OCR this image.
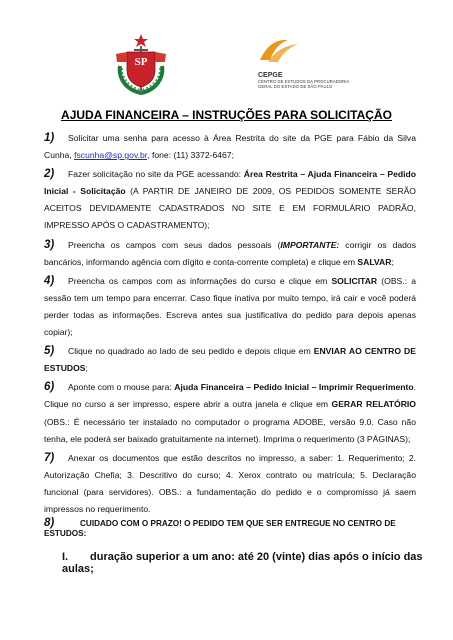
SP
CEPGE
CENTRO DE ESTUDOS DA PROCURADORIA
GERAL DO ESTADO DE SÃO PAULO
AJUDA FINANCEIRA – INSTRUÇÕES PARA SOLICITAÇÃO

1) Solicitar uma senha para acesso à Área Restrita do site da PGE para Fábio da Silva Cunha, fscunha@sp.gov.br, fone: (11) 3372-6467;

2) Fazer solicitação no site da PGE acessando: Área Restrita – Ajuda Financeira – Pedido Inicial - Solicitação (A PARTIR DE JANEIRO DE 2009, OS PEDIDOS SOMENTE SERÃO ACEITOS DEVIDAMENTE CADASTRADOS NO SITE E EM FORMULÁRIO PADRÃO, IMPRESSO APÓS O CADASTRAMENTO);

3) Preencha os campos com seus dados pessoais (IMPORTANTE: corrigir os dados bancários, informando agência com dígito e conta-corrente completa) e clique em SALVAR;

4) Preencha os campos com as informações do curso e clique em SOLICITAR (OBS.: a sessão tem um tempo para encerrar. Caso fique inativa por muito tempo, irá cair e você poderá perder todas as informações. Escreva antes sua justificativa do pedido para depois apenas copiar);

5) Clique no quadrado ao lado de seu pedido e depois clique em ENVIAR AO CENTRO DE ESTUDOS;

6) Aponte com o mouse para: Ajuda Financeira – Pedido Inicial – Imprimir Requerimento. Clique no curso a ser impresso, espere abrir a outra janela e clique em GERAR RELATÓRIO (OBS.: É necessário ter instalado no computador o programa ADOBE, versão 9.0. Caso não tenha, ele poderá ser baixado gratuitamente na internet). Imprima o requerimento (3 PÁGINAS);

7) Anexar os documentos que estão descritos no impresso, a saber: 1. Requerimento; 2. Autorização Chefia; 3. Descritivo do curso; 4. Xerox contrato ou matrícula; 5. Declaração funcional (para servidores). OBS.: a fundamentação do pedido e o compromisso já saem impressos no requerimento.

8)	CUIDADO COM O PRAZO! O PEDIDO TEM QUE SER ENTREGUE NO CENTRO DE ESTUDOS:
I. duração superior a um ano: até 20 (vinte) dias após o início das aulas;
